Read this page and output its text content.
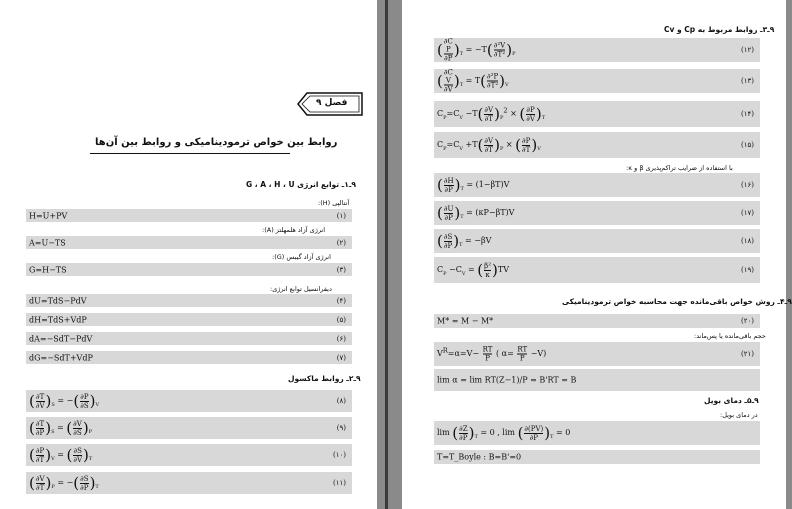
فصل ۹
روابط بین خواص ترمودینامیکی و روابط بین آن‌ها
۹ـ۱ـ توابع انرژی G ، A ، H ، U
آنتالپی (H):
H=U+PV	(۱)
انرژی آزاد هلمهلتز (A):
A=U−TS	(۲)
انرژی آزاد گیبس (G):
G=H−TS	(۳)
دیفرانسیل توابع انرژی:
dU=TdS−PdV	(۴)
dH=TdS+VdP	(۵)
dA=−SdT−PdV	(۶)
dG=−SdT+VdP	(۷)
۹ـ۲ـ روابط ماکسول
( $\frac{\partial T}{\partial V} )_S$ = −( $\frac{\partial P}{\partial S} )_V$	(۸)
( $\frac{\partial T}{\partial P} )_S$ = ( $\frac{\partial V}{\partial S} )_P$	(۹)
( $\frac{\partial P}{\partial T} )_V$ = ( $\frac{\partial S}{\partial V} )_T$	(۱۰)
( $\frac{\partial V}{\partial T} )_P$ = −( $\frac{\partial S}{\partial P} )_T$	(۱۱)
۹ـ۳ـ روابط مربوط به Cp و Cv
( ∂C
P
∂P )$_T = -T( \frac{\text{∂²V}}{\text{∂T²}} )_P$	(۱۲)
( ∂C
V
∂V )$_T = T( \frac{\text{∂²P}}{\text{∂T²}} )_V$	(۱۳)
$C_P=C_V -T( \frac{\partial V}{\partial T} )_P^2$ × ( $\frac{\partial P}{\partial V} )_T$	(۱۴)
$C_P=C_V +T( \frac{\partial V}{\partial T} )_P$ × ( $\frac{\partial P}{\partial T} )_V$	(۱۵)
با استفاده از ضرایب تراکم‌پذیری β و κ:
( $\frac{\partial H}{\partial P} )_T = (1-\beta T)V$	(۱۶)
( $\frac{\partial U}{\partial P} )_T = (\kappa P-\beta T)V$	(۱۷)
( $\frac{\partial S}{\partial P} )_T = -\beta V$	(۱۸)
$C_P -C_V$ = ( $\frac{\text{β²}}{\kappa} )TV$	(۱۹)
۹ـ۴ـ روش خواص باقی‌مانده جهت محاسبه خواص ترمودینامیکی
M* = M − M*	(۲۰)
حجم باقی‌مانده یا پس‌ماند:
$V^R=\alpha=V- \frac{RT}{P}$ ( $\alpha= \frac{RT}{P} -V$)	(۲۱)
lim α = lim RT(Z−1)/P = B'RT = B
۹ـ۵ـ دمای بویل
در دمای بویل:
lim ( $\frac{\partial Z}{\partial P} )_T = 0$ , lim ( $\frac{\partial(PV)}{\partial P} )_T = 0$
T=T_Boyle : B=B'=0
